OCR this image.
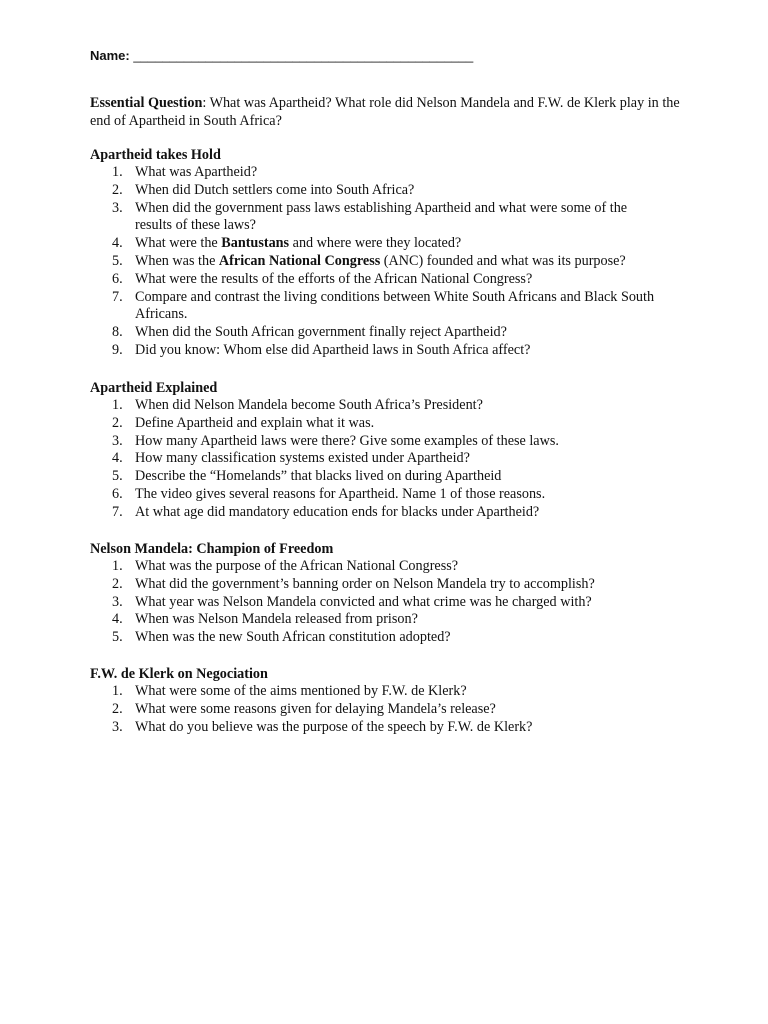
Name: _______________________________________________
Essential Question: What was Apartheid? What role did Nelson Mandela and F.W. de Klerk play in the end of Apartheid in South Africa?
Apartheid takes Hold
1. What was Apartheid?
2. When did Dutch settlers come into South Africa?
3. When did the government pass laws establishing Apartheid and what were some of the results of these laws?
4. What were the Bantustans and where were they located?
5. When was the African National Congress (ANC) founded and what was its purpose?
6. What were the results of the efforts of the African National Congress?
7. Compare and contrast the living conditions between White South Africans and Black South Africans.
8. When did the South African government finally reject Apartheid?
9. Did you know: Whom else did Apartheid laws in South Africa affect?
Apartheid Explained
1. When did Nelson Mandela become South Africa’s President?
2. Define Apartheid and explain what it was.
3. How many Apartheid laws were there? Give some examples of these laws.
4. How many classification systems existed under Apartheid?
5. Describe the “Homelands” that blacks lived on during Apartheid
6. The video gives several reasons for Apartheid. Name 1 of those reasons.
7. At what age did mandatory education ends for blacks under Apartheid?
Nelson Mandela: Champion of Freedom
1. What was the purpose of the African National Congress?
2. What did the government’s banning order on Nelson Mandela try to accomplish?
3. What year was Nelson Mandela convicted and what crime was he charged with?
4. When was Nelson Mandela released from prison?
5. When was the new South African constitution adopted?
F.W. de Klerk on Negociation
1. What were some of the aims mentioned by F.W. de Klerk?
2. What were some reasons given for delaying Mandela’s release?
3. What do you believe was the purpose of the speech by F.W. de Klerk?
